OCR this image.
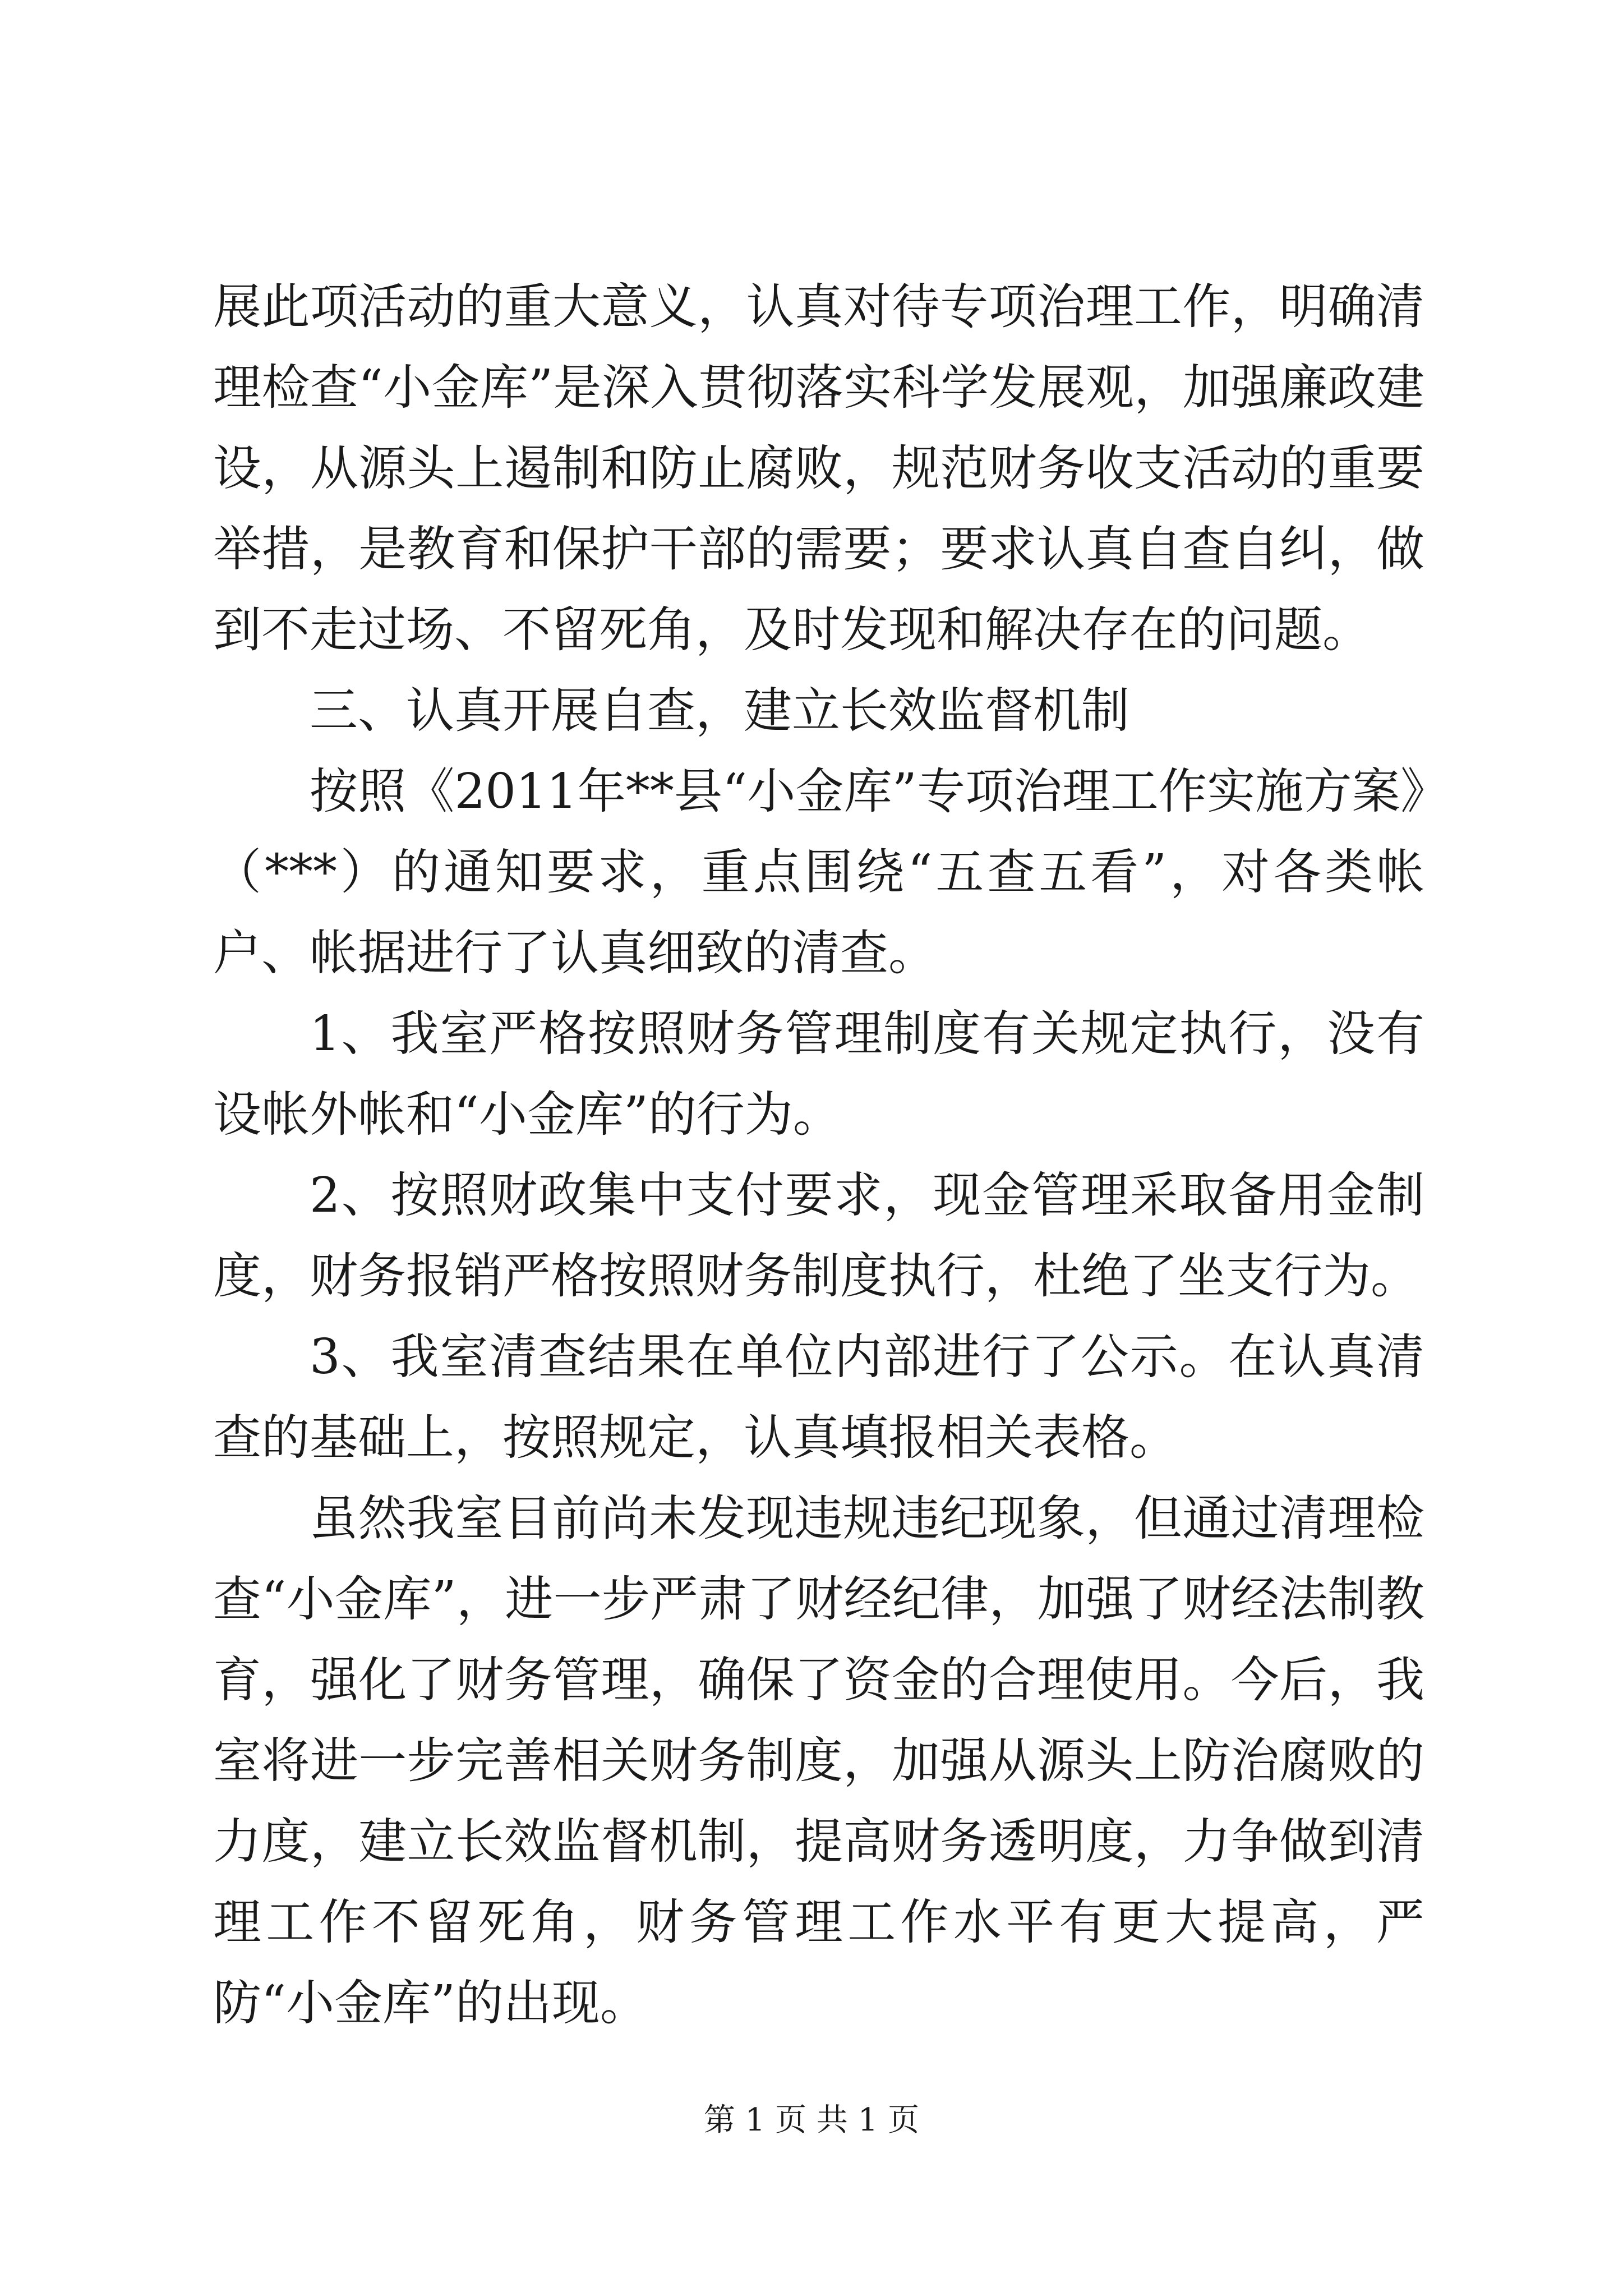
展此项活动的重大意义，认真对待专项治理工作，明确清理检查“小金库”是深入贯彻落实科学发展观，加强廉政建设，从源头上遏制和防止腐败，规范财务收支活动的重要举措，是教育和保护干部的需要；要求认真自查自纠，做到不走过场、不留死角，及时发现和解决存在的问题。

三、认真开展自查，建立长效监督机制

按照《2011年**县“小金库”专项治理工作实施方案》（***）的通知要求，重点围绕“五查五看”，对各类帐户、帐据进行了认真细致的清查。

1、我室严格按照财务管理制度有关规定执行，没有设帐外帐和“小金库”的行为。

2、按照财政集中支付要求，现金管理采取备用金制度，财务报销严格按照财务制度执行，杜绝了坐支行为。

3、我室清查结果在单位内部进行了公示。在认真清查的基础上，按照规定，认真填报相关表格。

虽然我室目前尚未发现违规违纪现象，但通过清理检查“小金库”，进一步严肃了财经纪律，加强了财经法制教育，强化了财务管理，确保了资金的合理使用。今后，我室将进一步完善相关财务制度，加强从源头上防治腐败的力度，建立长效监督机制，提高财务透明度，力争做到清理工作不留死角，财务管理工作水平有更大提高，严防“小金库”的出现。

第 1 页 共 1 页
